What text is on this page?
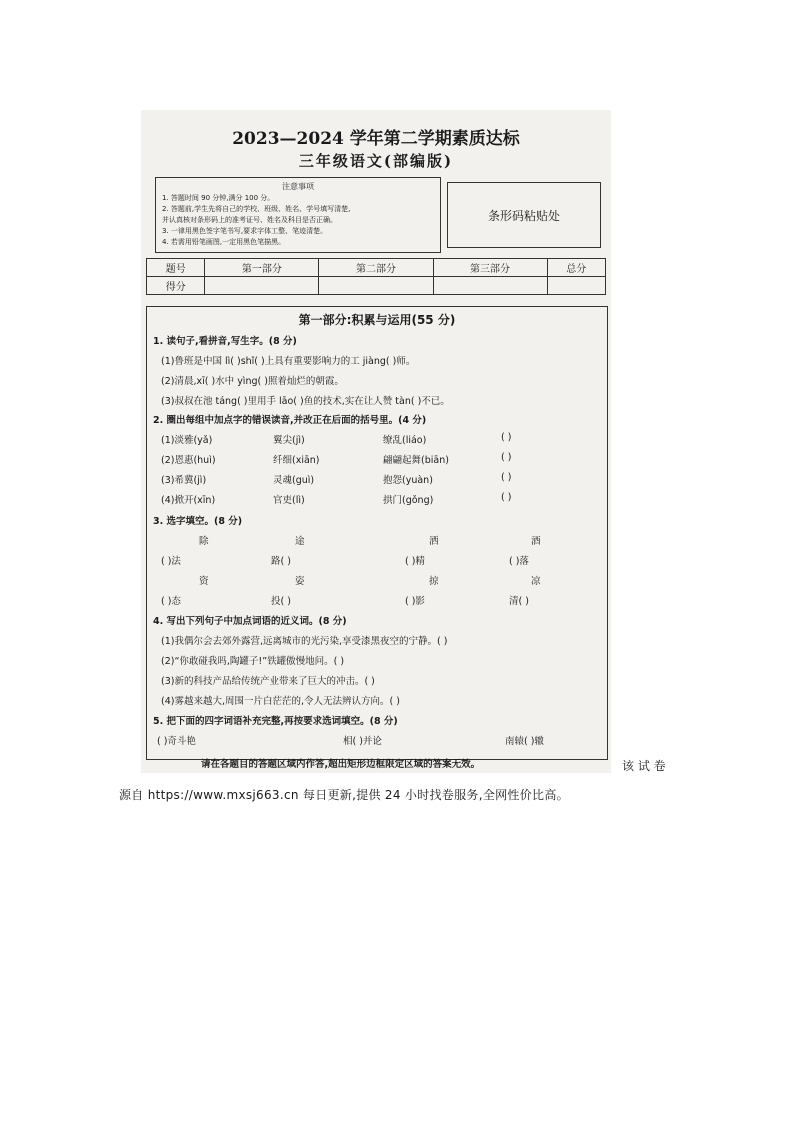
2023—2024 学年第二学期素质达标
三年级语文(部编版)
注意事项
1. 答题时间 90 分钟,满分 100 分。
2. 答题前,学生先将自己的学校、班级、姓名、学号填写清楚,
并认真核对条形码上的准考证号、姓名及科目是否正确。
3. 一律用黑色签字笔书写,要求字体工整、笔迹清楚。
4. 若需用铅笔画图,一定用黑色笔描黑。
条形码粘贴处
题号	第一部分	第二部分	第三部分	总分
得分				
第一部分:积累与运用(55 分)
1. 读句子,看拼音,写生字。(8 分)
(1)鲁班是中国 lì( )shǐ( )上具有重要影响力的工 jiàng( )师。
(2)清晨,xī( )水中 yìng( )照着灿烂的朝霞。
(3)叔叔在池 táng( )里用手 lāo( )鱼的技术,实在让人赞 tàn( )不已。
2. 圈出每组中加点字的错误读音,并改正在后面的括号里。(4 分)
(1)淡雅(yǎ)	翼尖(jì)	缭乱(liáo)	( )
(2)恩惠(huì)	纤细(xiān)	翩翩起舞(biān)	( )
(3)希冀(jì)	灵魂(guì)	抱怨(yuàn)	( )
(4)掀开(xīn)	官吏(lì)	拱门(gǒng)	( )
3. 选字填空。(8 分)
除	途	洒	酒
( )法	路( )	( )精	( )落
资	姿	掠	凉
( )态	投( )	( )影	清( )
4. 写出下列句子中加点词语的近义词。(8 分)
(1)我偶尔会去郊外露营,远离城市的光污染,享受漆黑夜空的宁静。( )
(2)“你敢碰我吗,陶罐子!”铁罐傲慢地问。( )
(3)新的科技产品给传统产业带来了巨大的冲击。( )
(4)雾越来越大,周围一片白茫茫的,令人无法辨认方向。( )
5. 把下面的四字词语补充完整,再按要求选词填空。(8 分)
( )奇斗艳	相( )并论	南辕( )辙
请在各题目的答题区域内作答,超出矩形边框限定区域的答案无效。	该 试 卷
源自 https://www.mxsj663.cn 每日更新,提供 24 小时找卷服务,全网性价比高。
